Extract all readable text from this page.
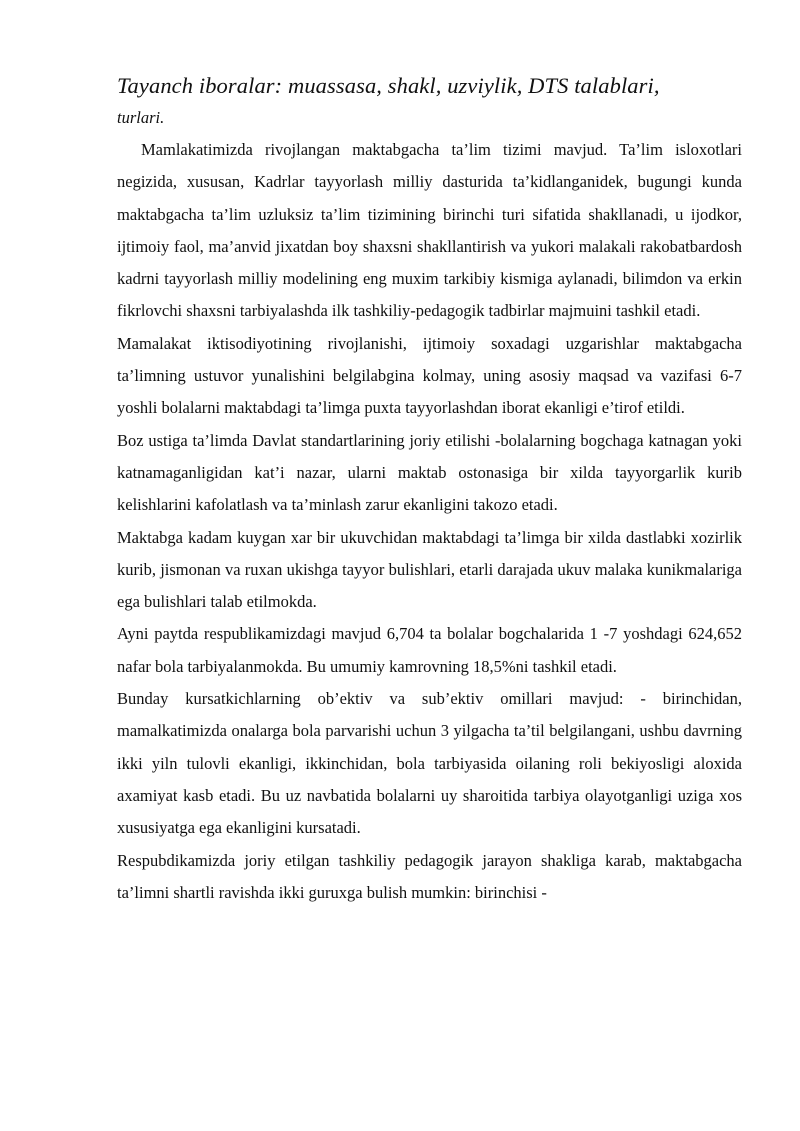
Tayanch iboralar: muassasa, shakl, uzviylik, DTS talablari,

turlari.

Mamlakatimizda rivojlangan maktabgacha ta’lim tizimi mavjud. Ta’lim isloxotlari negizida, xususan, Kadrlar tayyorlash milliy dasturida ta’kidlanganidek, bugungi kunda maktabgacha ta’lim uzluksiz ta’lim tizimining birinchi turi sifatida shakllanadi, u ijodkor, ijtimoiy faol, ma’anvid jixatdan boy shaxsni shakllantirish va yukori malakali rakobatbardosh kadrni tayyorlash milliy modelining eng muxim tarkibiy kismiga aylanadi, bilimdon va erkin fikrlovchi shaxsni tarbiyalashda ilk tashkiliy-pedagogik tadbirlar majmuini tashkil etadi.

Mamalakat iktisodiyotining rivojlanishi, ijtimoiy soxadagi uzgarishlar maktabgacha ta’limning ustuvor yunalishini belgilabgina kolmay, uning asosiy maqsad va vazifasi 6-7 yoshli bolalarni maktabdagi ta’limga puxta tayyorlashdan iborat ekanligi e’tirof etildi.

Boz ustiga ta’limda Davlat standartlarining joriy etilishi -bolalarning bogchaga katnagan yoki katnamaganligidan kat’i nazar, ularni maktab ostonasiga bir xilda tayyorgarlik kurib kelishlarini kafolatlash va ta’minlash zarur ekanligini takozo etadi.

Maktabga kadam kuygan xar bir ukuvchidan maktabdagi ta’limga bir xilda dastlabki xozirlik kurib, jismonan va ruxan ukishga tayyor bulishlari, etarli darajada ukuv malaka kunikmalariga ega bulishlari talab etilmokda.

Ayni paytda respublikamizdagi mavjud 6,704 ta bolalar bogchalarida 1 -7 yoshdagi 624,652 nafar bola tarbiyalanmokda. Bu umumiy kamrovning 18,5%ni tashkil etadi.

Bunday kursatkichlarning ob’ektiv va sub’ektiv omillari mavjud: - birinchidan, mamalkatimizda onalarga bola parvarishi uchun 3 yilgacha ta’til belgilangani, ushbu davrning ikki yiln tulovli ekanligi, ikkinchidan, bola tarbiyasida oilaning roli bekiyosligi aloxida axamiyat kasb etadi. Bu uz navbatida bolalarni uy sharoitida tarbiya olayotganligi uziga xos xususiyatga ega ekanligini kursatadi.

Respubdikamizda joriy etilgan tashkiliy pedagogik jarayon shakliga karab, maktabgacha ta’limni shartli ravishda ikki guruxga bulish mumkin: birinchisi -
